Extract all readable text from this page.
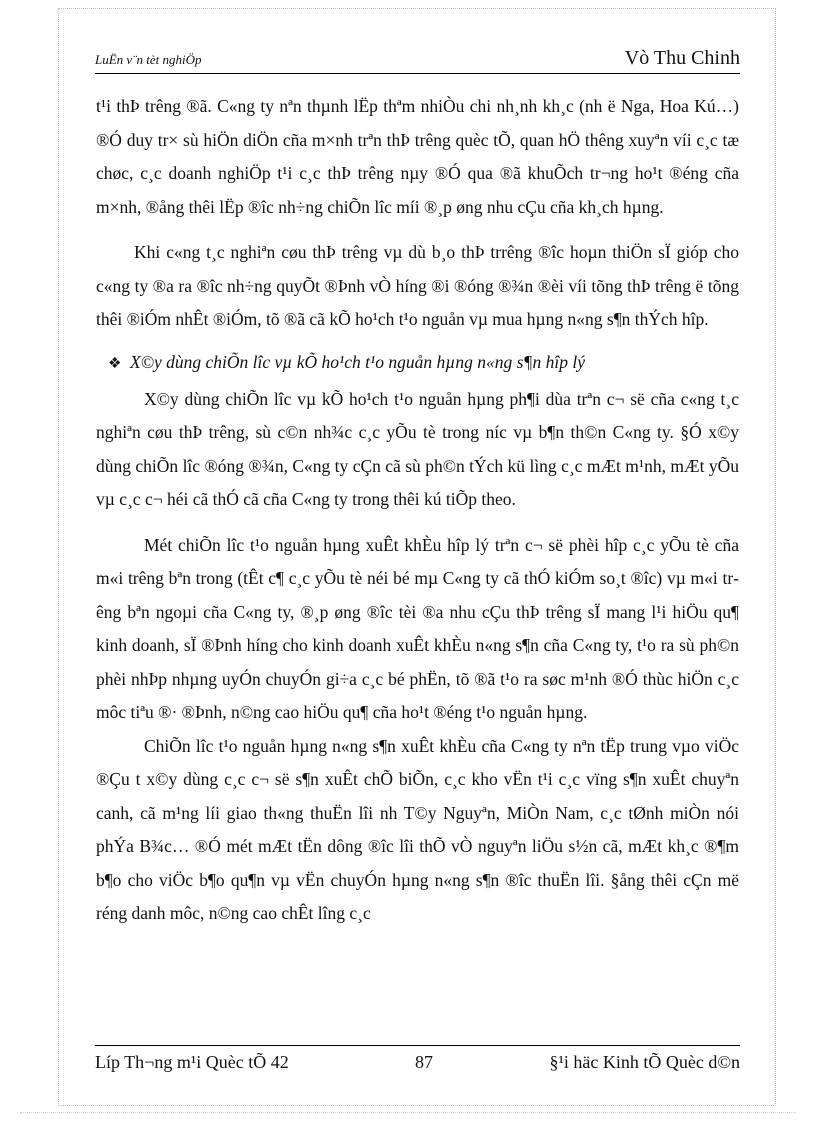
LuËn v¨n tèt nghiÖp	Vò Thu Chinh

t¹i thÞ trêng ®ã. C«ng ty nªn thµnh lËp thªm nhiÒu chi nh¸nh kh¸c (nh ë Nga, Hoa Kú…) ®Ó duy tr× sù hiÖn diÖn cña m×nh trªn thÞ trêng quèc tÕ, quan hÖ thêng xuyªn víi c¸c tæ chøc, c¸c doanh nghiÖp t¹i c¸c thÞ trêng nµy ®Ó qua ®ã khuÕch tr¬ng ho¹t ®éng cña m×nh, ®ång thêi lËp ®îc nh÷ng chiÕn lîc míi ®¸p øng nhu cÇu cña kh¸ch hµng.

Khi c«ng t¸c nghiªn cøu thÞ trêng vµ dù b¸o thÞ trrêng ®îc hoµn thiÖn sÏ gióp cho c«ng ty ®a ra ®îc nh÷ng quyÕt ®Þnh vÒ híng ®i ®óng ®¾n ®èi víi tõng thÞ trêng ë tõng thêi ®iÓm nhÊt ®iÓm, tõ ®ã cã kÕ ho¹ch t¹o nguån vµ mua hµng n«ng s¶n thÝch hîp.

❖ X©y dùng chiÕn lîc vµ kÕ ho¹ch t¹o nguån hµng n«ng s¶n hîp lý

X©y dùng chiÕn lîc vµ kÕ ho¹ch t¹o nguån hµng ph¶i dùa trªn c¬ së cña c«ng t¸c nghiªn cøu thÞ trêng, sù c©n nh¾c c¸c yÕu tè trong níc vµ b¶n th©n C«ng ty. §Ó x©y dùng chiÕn lîc ®óng ®¾n, C«ng ty cÇn cã sù ph©n tÝch kü lìng c¸c mÆt m¹nh, mÆt yÕu vµ c¸c c¬ héi cã thÓ cã cña C«ng ty trong thêi kú tiÕp theo.

Mét chiÕn lîc t¹o nguån hµng xuÊt khÈu hîp lý trªn c¬ së phèi hîp c¸c yÕu tè cña m«i trêng bªn trong (tÊt c¶ c¸c yÕu tè néi bé mµ C«ng ty cã thÓ kiÓm so¸t ®îc) vµ m«i trêng bªn ngoµi cña C«ng ty, ®¸p øng ®îc tèi ®a nhu cÇu thÞ trêng sÏ mang l¹i hiÖu qu¶ kinh doanh, sÏ ®Þnh híng cho kinh doanh xuÊt khÈu n«ng s¶n cña C«ng ty, t¹o ra sù ph©n phèi nhÞp nhµng uyÓn chuyÓn gi÷a c¸c bé phËn, tõ ®ã t¹o ra søc m¹nh ®Ó thùc hiÖn c¸c môc tiªu ®· ®Þnh, n©ng cao hiÖu qu¶ cña ho¹t ®éng t¹o nguån hµng.

ChiÕn lîc t¹o nguån hµng n«ng s¶n xuÊt khÈu cña C«ng ty nªn tËp trung vµo viÖc ®Çu t x©y dùng c¸c c¬ së s¶n xuÊt chÕ biÕn, c¸c kho vËn t¹i c¸c vïng s¶n xuÊt chuyªn canh, cã m¹ng líi giao th«ng thuËn lîi nh T©y Nguyªn, MiÒn Nam, c¸c tØnh miÒn nói phÝa B¾c… ®Ó mét mÆt tËn dông ®îc lîi thÕ vÒ nguyªn liÖu s½n cã, mÆt kh¸c ®¶m b¶o cho viÖc b¶o qu¶n vµ vËn chuyÓn hµng n«ng s¶n ®îc thuËn lîi. §ång thêi cÇn më réng danh môc, n©ng cao chÊt lîng c¸c

Líp Th¬ng m¹i Quèc tÕ 42	87	§¹i häc Kinh tÕ Quèc d©n
